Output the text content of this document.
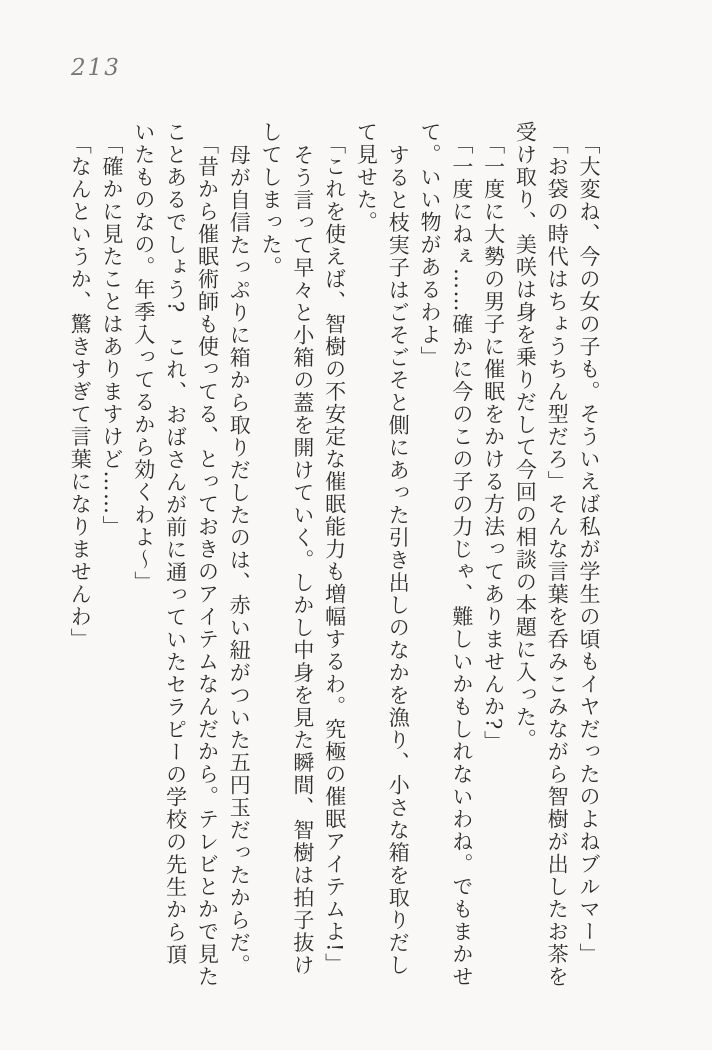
213
「大変ね、今の女の子も。そういえば私が学生の頃もイヤだったのよねブルマー」
「お袋の時代はちょうちん型だろ」そんな言葉を呑みこみながら智樹が出したお茶を
受け取り、美咲は身を乗りだして今回の相談の本題に入った。
「一度に大勢の男子に催眠をかける方法ってありませんか?」
「一度にねぇ……確かに今のこの子の力じゃ、難しいかもしれないわね。でもまかせ
て。いい物があるわよ」
すると枝実子はごそごそと側にあった引き出しのなかを漁り、小さな箱を取りだし
て見せた。
「これを使えば、智樹の不安定な催眠能力も増幅するわ。究極の催眠アイテムよ!」
そう言って早々と小箱の蓋を開けていく。しかし中身を見た瞬間、智樹は拍子抜け
してしまった。
母が自信たっぷりに箱から取りだしたのは、赤い紐がついた五円玉だったからだ。
「昔から催眠術師も使ってる、とっておきのアイテムなんだから。テレビとかで見た
ことあるでしょう?　これ、おばさんが前に通っていたセラピーの学校の先生から頂
いたものなの。年季入ってるから効くわよ〜」
「確かに見たことはありますけど……」
「なんというか、驚きすぎて言葉になりませんわ」
